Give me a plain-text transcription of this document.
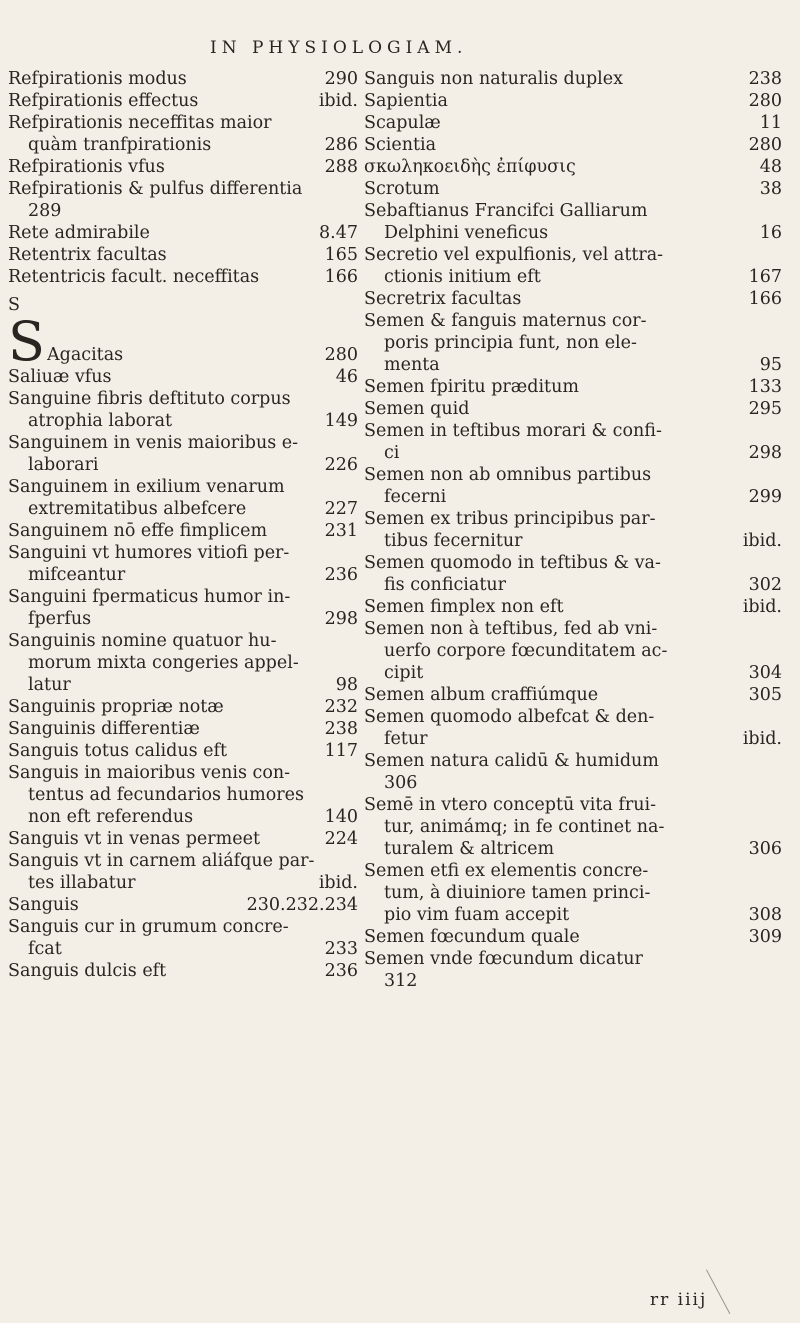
IN PHYSIOLOGIAM.
Refpirationis modus	290
Refpirationis effectus	ibid.
Refpirationis neceffitas maior
quàm tranfpirationis	286
Refpirationis vfus	288
Refpirationis & pulfus differentia
289
Rete admirabile	8.47
Retentrix facultas	165
Retentricis facult. neceffitas	166
S
S Agacitas	280
Saliuæ vfus	46
Sanguine fibris deftituto corpus
atrophia laborat	149
Sanguinem in venis maioribus e-
laborari	226
Sanguinem in exilium venarum
extremitatibus albefcere	227
Sanguinem nō effe fimplicem	231
Sanguini vt humores vitiofi per-
mifceantur	236
Sanguini fpermaticus humor in-
fperfus	298
Sanguinis nomine quatuor hu-
morum mixta congeries appel-
latur	98
Sanguinis propriæ notæ	232
Sanguinis differentiæ	238
Sanguis totus calidus eft	117
Sanguis in maioribus venis con-
tentus ad fecundarios humores
non eft referendus	140
Sanguis vt in venas permeet	224
Sanguis vt in carnem aliáfque par-
tes illabatur	ibid.
Sanguis	230.232.234
Sanguis cur in grumum concre-
fcat	233
Sanguis dulcis eft	236
Sanguis non naturalis duplex	238
Sapientia	280
Scapulæ	11
Scientia	280
σκωληκοειδὴς ἐπίφυσις	48
Scrotum	38
Sebaftianus Francifci Galliarum
Delphini veneficus	16
Secretio vel expulfionis, vel attra-
ctionis initium eft	167
Secretrix facultas	166
Semen & fanguis maternus cor-
poris principia funt, non ele-
menta	95
Semen fpiritu præditum	133
Semen quid	295
Semen in teftibus morari & confi-
ci	298
Semen non ab omnibus partibus
fecerni	299
Semen ex tribus principibus par-
tibus fecernitur	ibid.
Semen quomodo in teftibus & va-
fis conficiatur	302
Semen fimplex non eft	ibid.
Semen non à teftibus, fed ab vni-
uerfo corpore fœcunditatem ac-
cipit	304
Semen album craffiúmque	305
Semen quomodo albefcat & den-
fetur	ibid.
Semen natura calidū & humidum
306
Semē in vtero conceptū vita frui-
tur, animámq; in fe continet na-
turalem & altricem	306
Semen etfi ex elementis concre-
tum, à diuiniore tamen princi-
pio vim fuam accepit	308
Semen fœcundum quale	309
Semen vnde fœcundum dicatur
312
rr iiij
